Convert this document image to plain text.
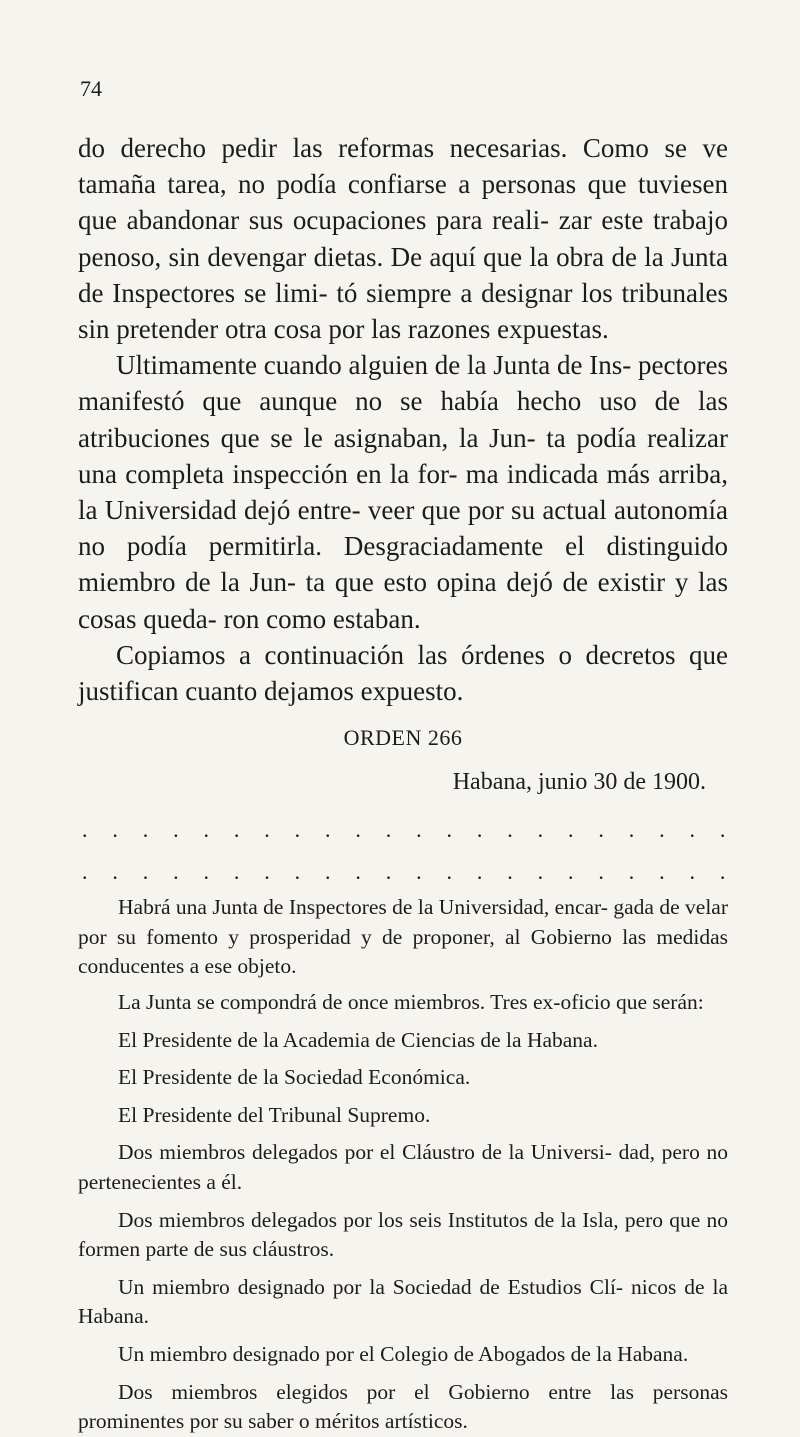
74

do derecho pedir las reformas necesarias. Como se ve tamaña tarea, no podía confiarse a personas que tuviesen que abandonar sus ocupaciones para reali- zar este trabajo penoso, sin devengar dietas. De aquí que la obra de la Junta de Inspectores se limi- tó siempre a designar los tribunales sin pretender otra cosa por las razones expuestas.

Ultimamente cuando alguien de la Junta de Ins- pectores manifestó que aunque no se había hecho uso de las atribuciones que se le asignaban, la Jun- ta podía realizar una completa inspección en la for- ma indicada más arriba, la Universidad dejó entre- veer que por su actual autonomía no podía permitirla. Desgraciadamente el distinguido miembro de la Jun- ta que esto opina dejó de existir y las cosas queda- ron como estaban.

Copiamos a continuación las órdenes o decretos que justifican cuanto dejamos expuesto.

ORDEN 266
Habana, junio 30 de 1900.
. . . . . . . . . . . . . . . . . . . . . .
. . . . . . . . . . . . . . . . . . . . . .

Habrá una Junta de Inspectores de la Universidad, encar- gada de velar por su fomento y prosperidad y de proponer, al Gobierno las medidas conducentes a ese objeto.

La Junta se compondrá de once miembros. Tres ex-oficio que serán:

El Presidente de la Academia de Ciencias de la Habana.

El Presidente de la Sociedad Económica.

El Presidente del Tribunal Supremo.

Dos miembros delegados por el Cláustro de la Universi- dad, pero no pertenecientes a él.

Dos miembros delegados por los seis Institutos de la Isla, pero que no formen parte de sus cláustros.

Un miembro designado por la Sociedad de Estudios Clí- nicos de la Habana.

Un miembro designado por el Colegio de Abogados de la Habana.

Dos miembros elegidos por el Gobierno entre las personas prominentes por su saber o méritos artísticos.
